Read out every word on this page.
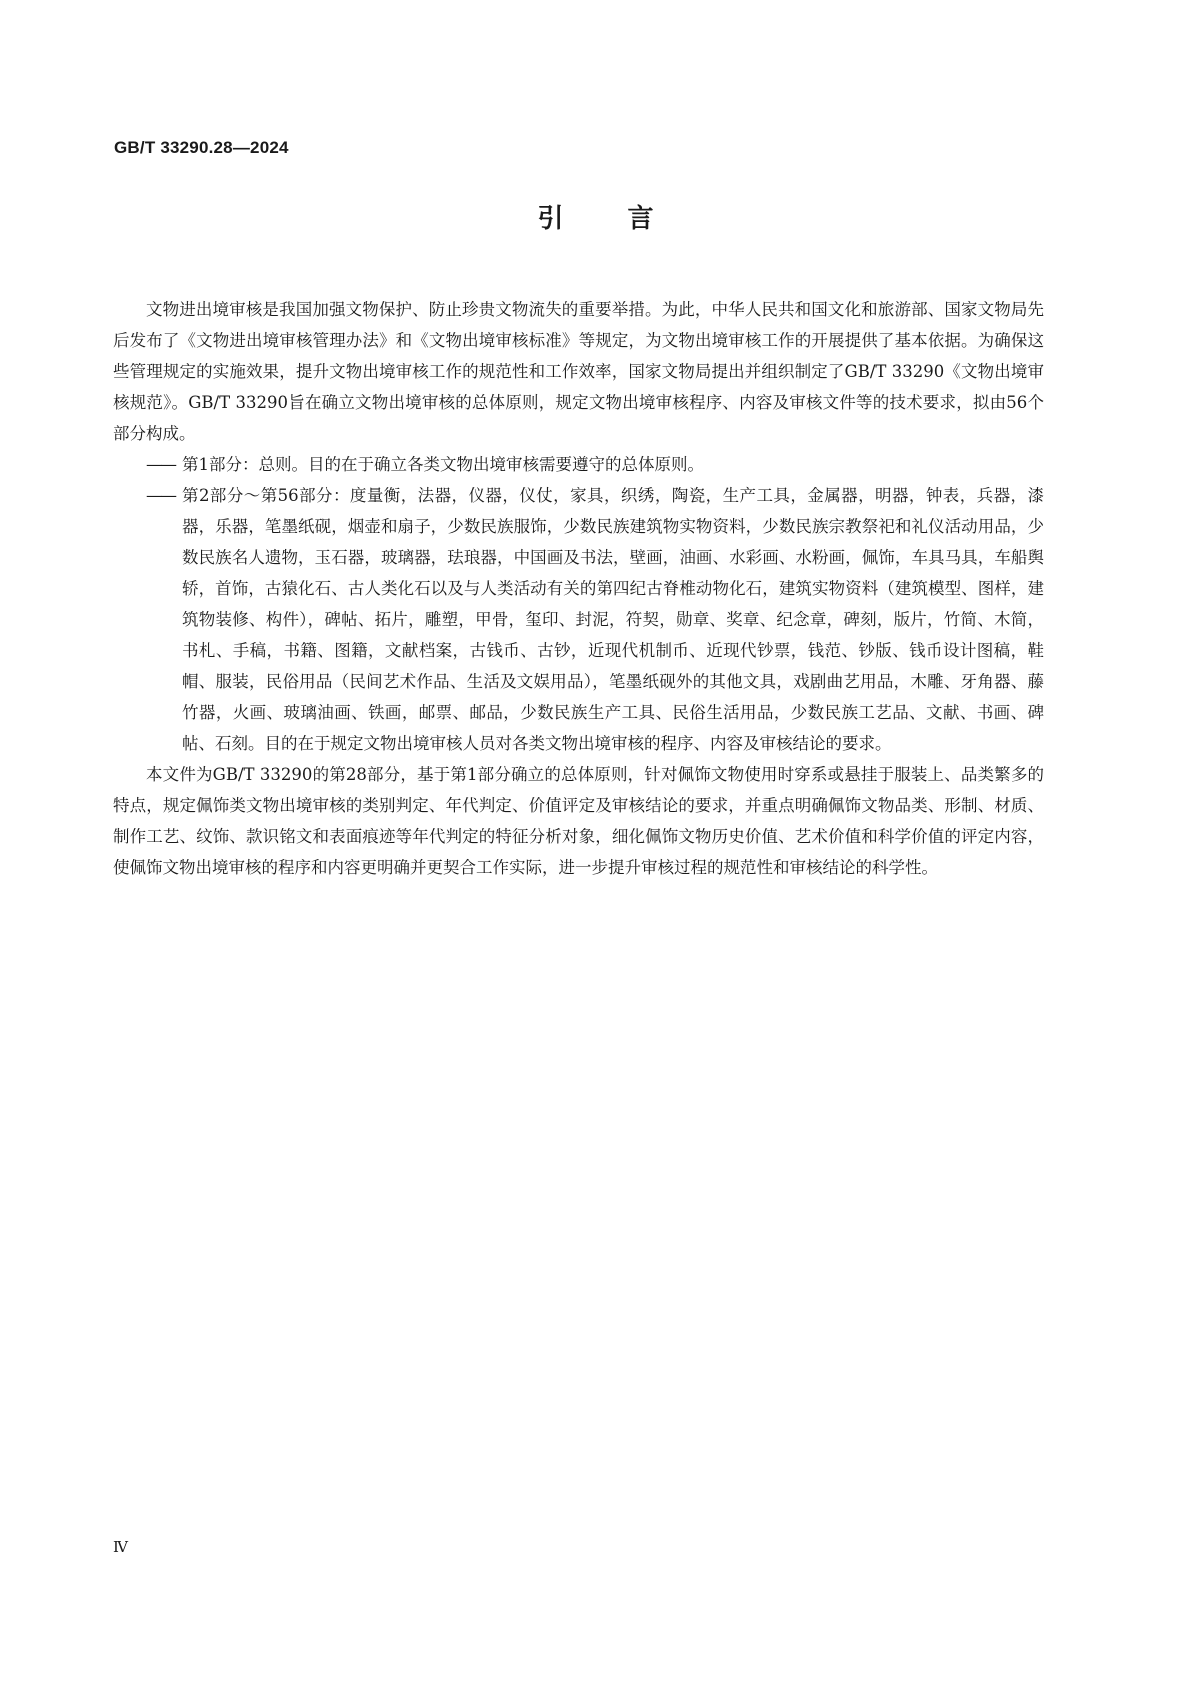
GB/T 33290.28—2024

引言

文物进出境审核是我国加强文物保护、防止珍贵文物流失的重要举措。为此，中华人民共和国文化和旅游部、国家文物局先后发布了《文物进出境审核管理办法》和《文物出境审核标准》等规定，为文物出境审核工作的开展提供了基本依据。为确保这些管理规定的实施效果，提升文物出境审核工作的规范性和工作效率，国家文物局提出并组织制定了GB/T 33290《文物出境审核规范》。GB/T 33290旨在确立文物出境审核的总体原则，规定文物出境审核程序、内容及审核文件等的技术要求，拟由56个部分构成。

—— 第1部分：总则。目的在于确立各类文物出境审核需要遵守的总体原则。

—— 第2部分～第56部分：度量衡，法器，仪器，仪仗，家具，织绣，陶瓷，生产工具，金属器，明器，钟表，兵器，漆器，乐器，笔墨纸砚，烟壶和扇子，少数民族服饰，少数民族建筑物实物资料，少数民族宗教祭祀和礼仪活动用品，少数民族名人遗物，玉石器，玻璃器，珐琅器，中国画及书法，壁画，油画、水彩画、水粉画，佩饰，车具马具，车船舆轿，首饰，古猿化石、古人类化石以及与人类活动有关的第四纪古脊椎动物化石，建筑实物资料（建筑模型、图样，建筑物装修、构件），碑帖、拓片，雕塑，甲骨，玺印、封泥，符契，勋章、奖章、纪念章，碑刻，版片，竹简、木简，书札、手稿，书籍、图籍，文献档案，古钱币、古钞，近现代机制币、近现代钞票，钱范、钞版、钱币设计图稿，鞋帽、服装，民俗用品（民间艺术作品、生活及文娱用品），笔墨纸砚外的其他文具，戏剧曲艺用品，木雕、牙角器、藤竹器，火画、玻璃油画、铁画，邮票、邮品，少数民族生产工具、民俗生活用品，少数民族工艺品、文献、书画、碑帖、石刻。目的在于规定文物出境审核人员对各类文物出境审核的程序、内容及审核结论的要求。

本文件为GB/T 33290的第28部分，基于第1部分确立的总体原则，针对佩饰文物使用时穿系或悬挂于服装上、品类繁多的特点，规定佩饰类文物出境审核的类别判定、年代判定、价值评定及审核结论的要求，并重点明确佩饰文物品类、形制、材质、制作工艺、纹饰、款识铭文和表面痕迹等年代判定的特征分析对象，细化佩饰文物历史价值、艺术价值和科学价值的评定内容，使佩饰文物出境审核的程序和内容更明确并更契合工作实际，进一步提升审核过程的规范性和审核结论的科学性。

Ⅳ
